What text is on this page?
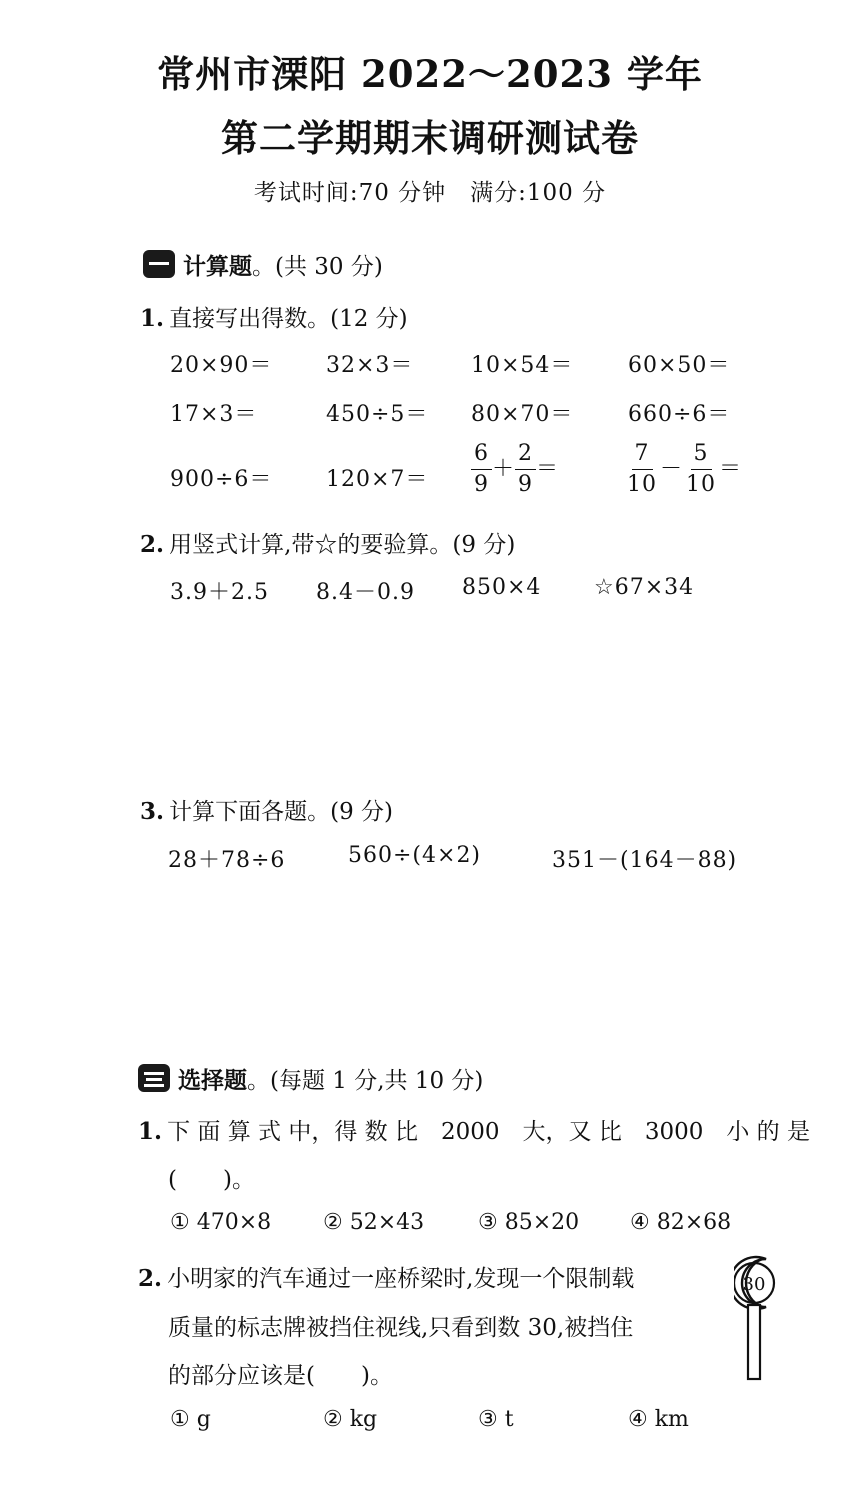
常州市溧阳 2022～2023 学年
第二学期期末调研测试卷
考试时间:70 分钟　满分:100 分
计算题。(共 30 分)
1. 直接写出得数。(12 分)
20×90＝ 32×3＝	10×54＝ 60×50＝
17×3＝	450÷5＝ 80×70＝ 660÷6＝
$900\div 6= 120\times 7= \frac{6}{9} + \frac{2}{9}$ ＝	$\frac{7}{10} - \frac{5}{10}$ ＝
2. 用竖式计算,带☆的要验算。(9 分)
3.9＋2.5 8.4－0.9 850×4 ☆67×34
3. 计算下面各题。(9 分)
28＋78÷6	560÷(4×2)	351－(164－88)
选择题。(每题 1 分,共 10 分)
1. 下 面 算 式 中，得 数 比　2000　大，又 比　3000　小 的 是
(　　)。
① 470×8 ② 52×43 ③ 85×20 ④ 82×68
2. 小明家的汽车通过一座桥梁时,发现一个限制载
质量的标志牌被挡住视线,只看到数 30,被挡住
的部分应该是(　　)。
30
① g	② kg	③ t	④ km
